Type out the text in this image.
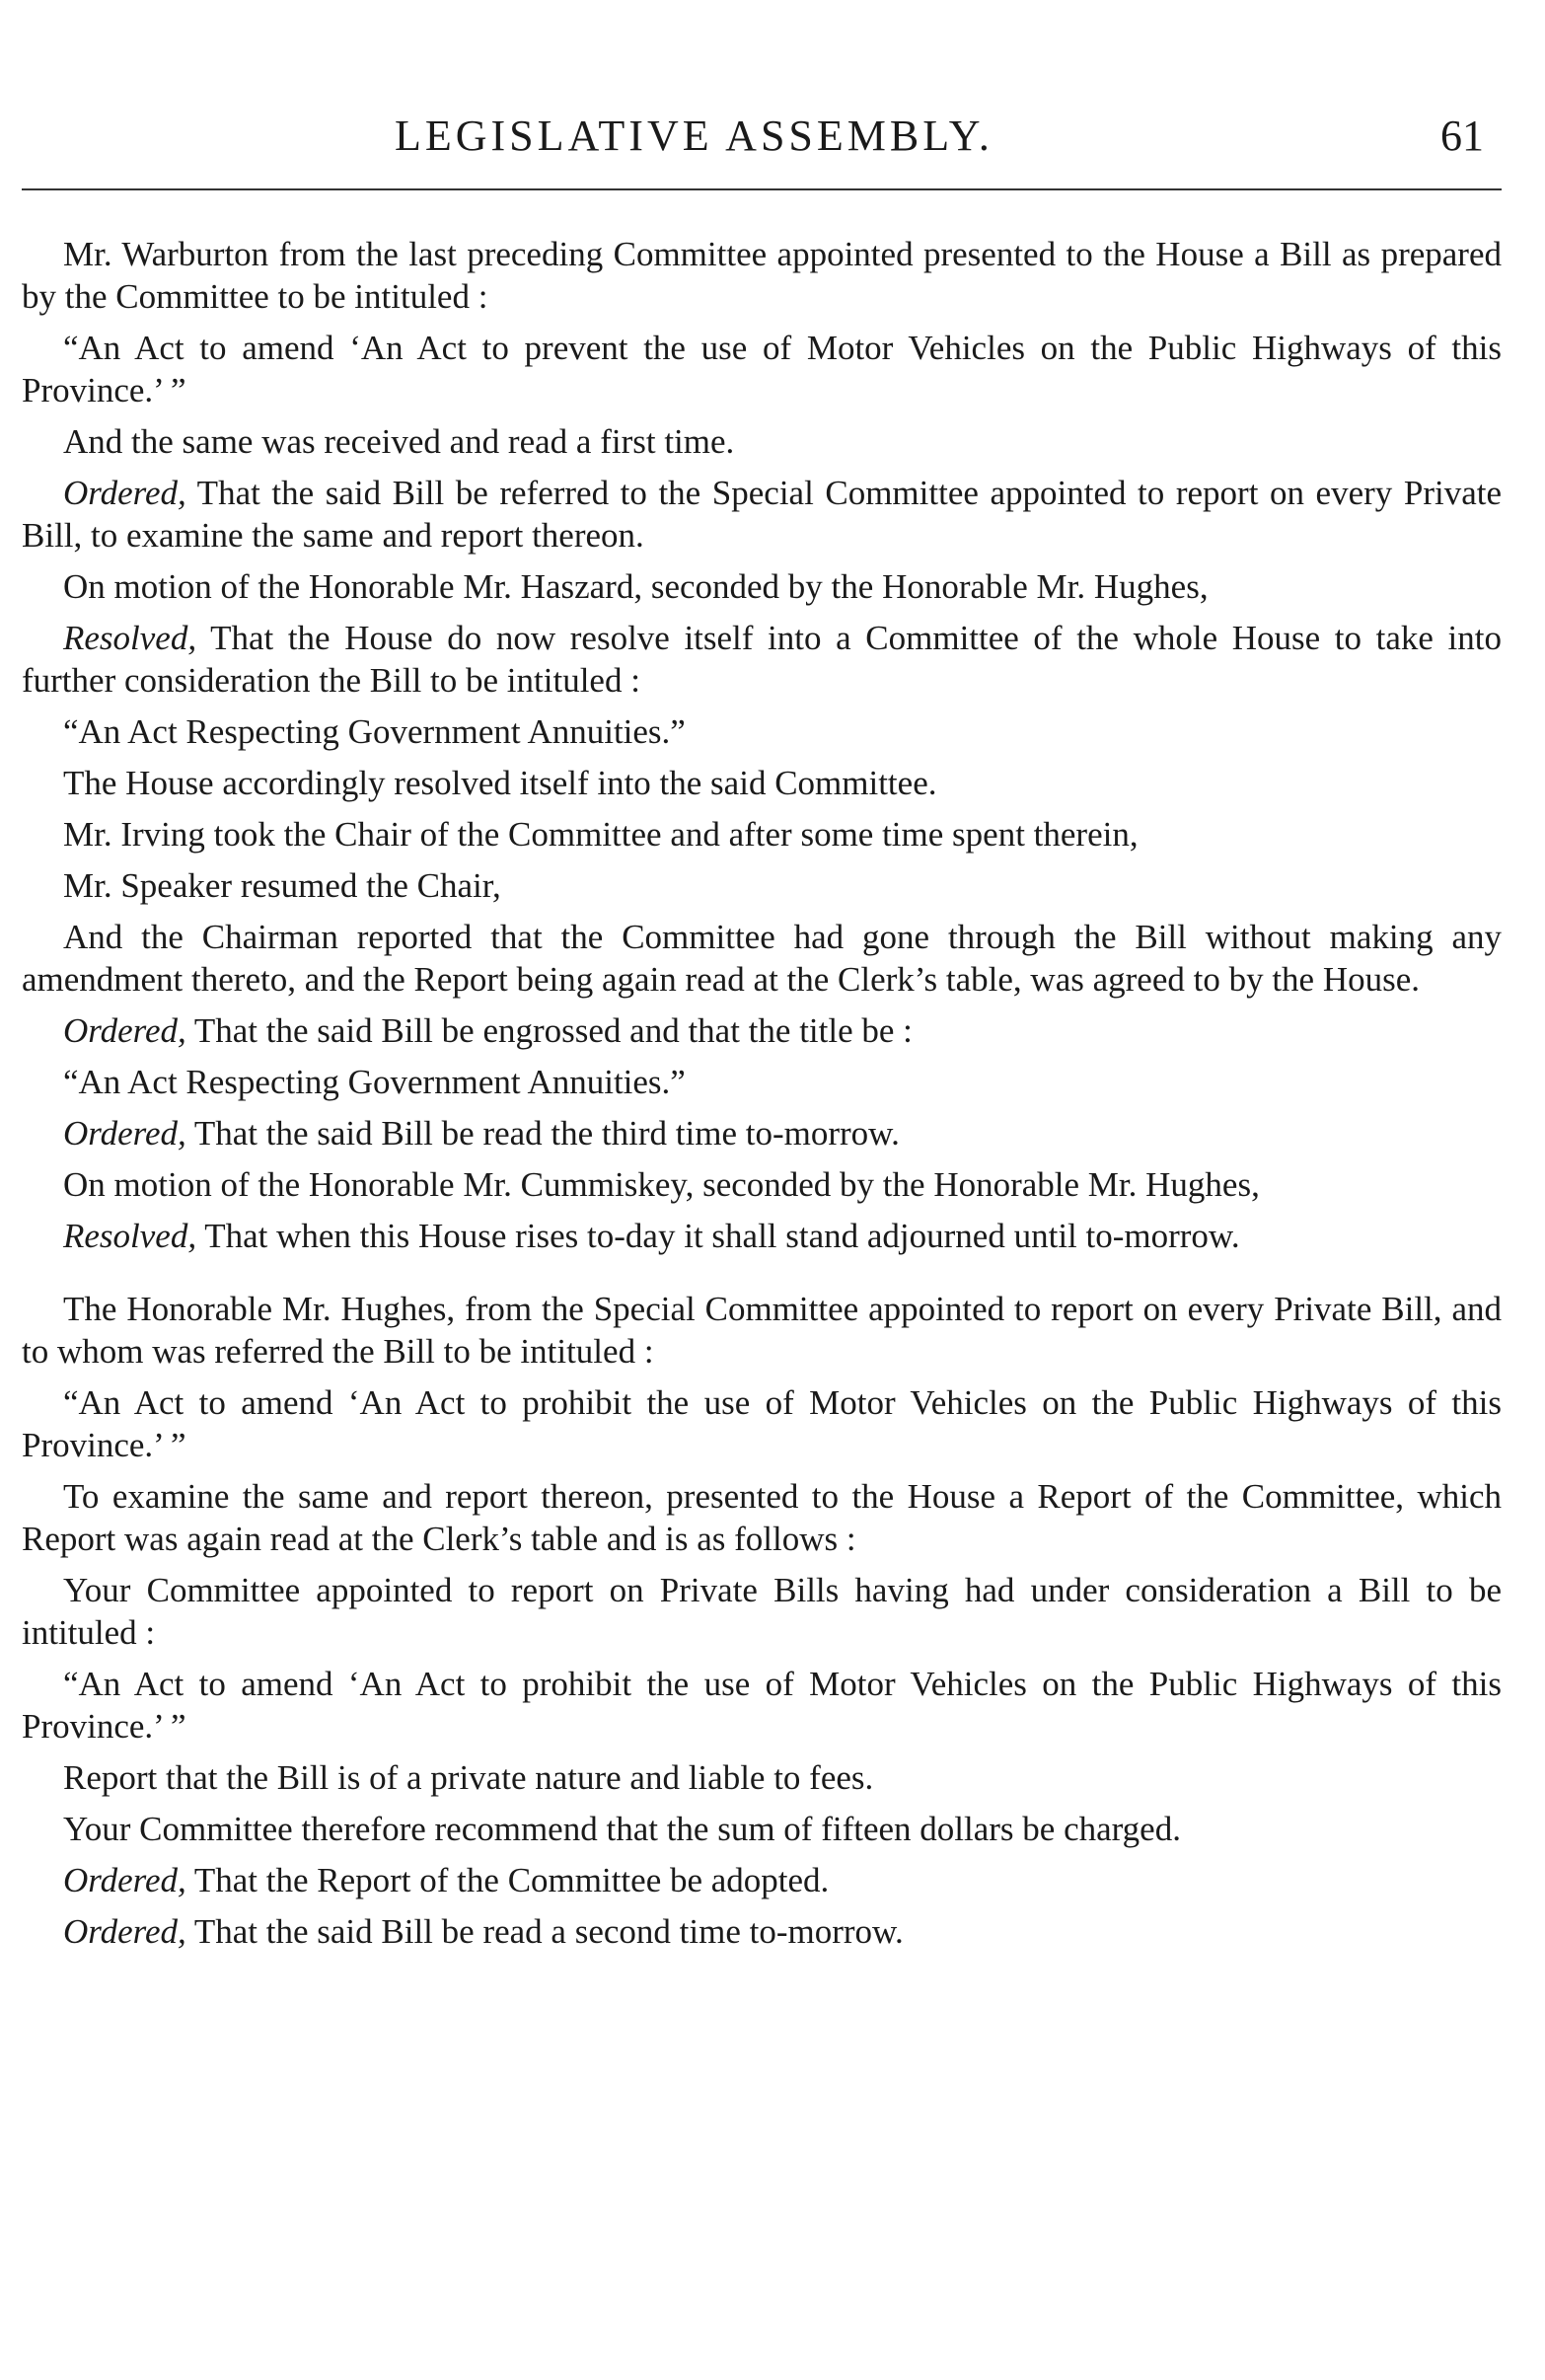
LEGISLATIVE ASSEMBLY.	61

Mr. Warburton from the last preceding Committee appointed presented to the House a Bill as prepared by the Committee to be intituled :

“An Act to amend ‘An Act to prevent the use of Motor Vehicles on the Public Highways of this Province.’ ”

And the same was received and read a first time.

Ordered, That the said Bill be referred to the Special Committee appointed to report on every Private Bill, to examine the same and report thereon.

On motion of the Honorable Mr. Haszard, seconded by the Honorable Mr. Hughes,

Resolved, That the House do now resolve itself into a Committee of the whole House to take into further consideration the Bill to be intituled :

“An Act Respecting Government Annuities.”

The House accordingly resolved itself into the said Committee.

Mr. Irving took the Chair of the Committee and after some time spent therein,

Mr. Speaker resumed the Chair,

And the Chairman reported that the Committee had gone through the Bill without making any amendment thereto, and the Report being again read at the Clerk’s table, was agreed to by the House.

Ordered, That the said Bill be engrossed and that the title be :

“An Act Respecting Government Annuities.”

Ordered, That the said Bill be read the third time to-morrow.

On motion of the Honorable Mr. Cummiskey, seconded by the Honorable Mr. Hughes,

Resolved, That when this House rises to-day it shall stand adjourned until to-morrow.

The Honorable Mr. Hughes, from the Special Committee appointed to report on every Private Bill, and to whom was referred the Bill to be intituled :

“An Act to amend ‘An Act to prohibit the use of Motor Vehicles on the Public Highways of this Province.’ ”

To examine the same and report thereon, presented to the House a Report of the Committee, which Report was again read at the Clerk’s table and is as follows :

Your Committee appointed to report on Private Bills having had under consideration a Bill to be intituled :

“An Act to amend ‘An Act to prohibit the use of Motor Vehicles on the Public Highways of this Province.’ ”

Report that the Bill is of a private nature and liable to fees.

Your Committee therefore recommend that the sum of fifteen dollars be charged.

Ordered, That the Report of the Committee be adopted.

Ordered, That the said Bill be read a second time to-morrow.
